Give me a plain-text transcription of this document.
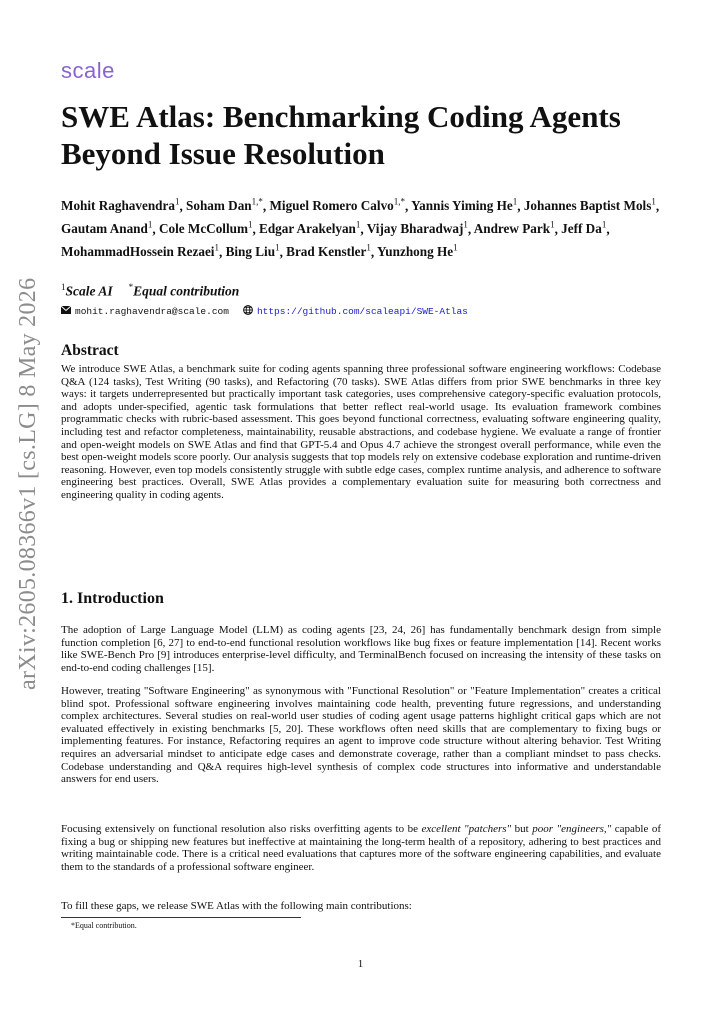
scale
arXiv:2605.08366v1 [cs.LG] 8 May 2026
SWE Atlas: Benchmarking Coding Agents
Beyond Issue Resolution

Mohit Raghavendra$^1$, Soham Dan$^{1,*}$, Miguel Romero Calvo$^{1,*}$, Yannis Yiming He$^1$, Johannes Baptist Mols$^1$, Gautam Anand$^1$, Cole McCollum$^1$, Edgar Arakelyan$^1$, Vijay Bharadwaj$^1$, Andrew Park$^1$, Jeff Da$^1$, MohammadHossein Rezaei$^1$, Bing Liu$^1$, Brad Kenstler$^1$, Yunzhong He$^1$

$^1$Scale AI *Equal contribution
mohit.raghavendra@scale.com	https://github.com/scaleapi/SWE-Atlas
Abstract

We introduce SWE Atlas, a benchmark suite for coding agents spanning three professional software engineering workflows: Codebase Q&A (124 tasks), Test Writing (90 tasks), and Refactoring (70 tasks). SWE Atlas differs from prior SWE benchmarks in three key ways: it targets underrepresented but practically important task categories, uses comprehensive category-specific evaluation protocols, and adopts under-specified, agentic task formulations that better reflect real-world usage. Its evaluation framework combines programmatic checks with rubric-based assessment. This goes beyond functional correctness, evaluating software engineering quality, including test and refactor completeness, maintainability, reusable abstractions, and codebase hygiene. We evaluate a range of frontier and open-weight models on SWE Atlas and find that GPT-5.4 and Opus 4.7 achieve the strongest overall performance, while even the best open-weight models score poorly. Our analysis suggests that top models rely on extensive codebase exploration and runtime-driven reasoning. However, even top models consistently struggle with subtle edge cases, complex runtime analysis, and adherence to software engineering best practices. Overall, SWE Atlas provides a complementary evaluation suite for measuring both correctness and engineering quality in coding agents.

1. Introduction

The adoption of Large Language Model (LLM) as coding agents [23, 24, 26] has fundamentally benchmark design from simple function completion [6, 27] to end-to-end functional resolution workflows like bug fixes or feature implementation [14]. Recent works like SWE-Bench Pro [9] introduces enterprise-level difficulty, and TerminalBench focused on increasing the intensity of these tasks on end-to-end coding challenges [15].

However, treating "Software Engineering" as synonymous with "Functional Resolution" or "Feature Implementation" creates a critical blind spot. Professional software engineering involves maintaining code health, preventing future regressions, and understanding complex architectures. Several studies on real-world user studies of coding agent usage patterns highlight critical gaps which are not evaluated effectively in existing benchmarks [5, 20]. These workflows often need skills that are complementary to fixing bugs or implementing features. For instance, Refactoring requires an agent to improve code structure without altering behavior. Test Writing requires an adversarial mindset to anticipate edge cases and demonstrate coverage, rather than a compliant mindset to pass checks. Codebase understanding and Q&A requires high-level synthesis of complex code structures into informative and understandable answers for end users.

Focusing extensively on functional resolution also risks overfitting agents to be excellent "patchers" but poor "engineers," capable of fixing a bug or shipping new features but ineffective at maintaining the long-term health of a repository, adhering to best practices and writing maintainable code. There is a critical need evaluations that captures more of the software engineering capabilities, and evaluate them to the standards of a professional software engineer.

To fill these gaps, we release SWE Atlas with the following main contributions:

*Equal contribution.
1
